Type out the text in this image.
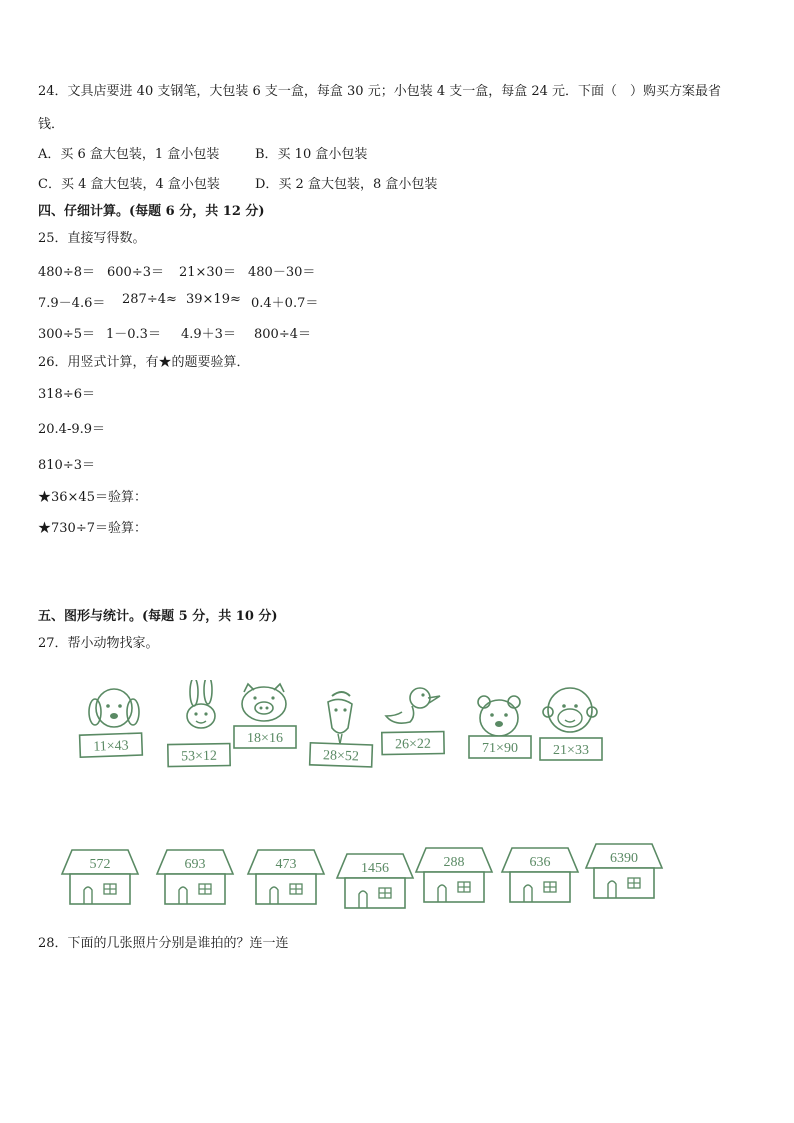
24．文具店要进 40 支钢笔，大包装 6 支一盒，每盒 30 元；小包装 4 支一盒，每盒 24 元．下面（　）购买方案最省
钱．
A．买 6 盒大包装，1 盒小包装	B．买 10 盒小包装
C．买 4 盒大包装，4 盒小包装	D．买 2 盒大包装，8 盒小包装
四、仔细计算。(每题 6 分，共 12 分)
25．直接写得数。
480÷8＝ 600÷3＝ 21×30＝ 480－30＝
7.9－4.6＝ 287÷4≈ 39×19≈ 0.4＋0.7＝
300÷5＝ 1－0.3＝ 4.9＋3＝ 800÷4＝
26．用竖式计算，有★的题要验算．
318÷6＝
20.4-9.9＝
810÷3＝
★36×45＝验算：
★730÷7＝验算：
五、图形与统计。(每题 5 分，共 10 分)
27．帮小动物找家。
11×43
53×12
18×16
28×52
26×22	71×90	21×33
572	693	473	1456	288	636	6390
28．下面的几张照片分别是谁拍的？连一连
